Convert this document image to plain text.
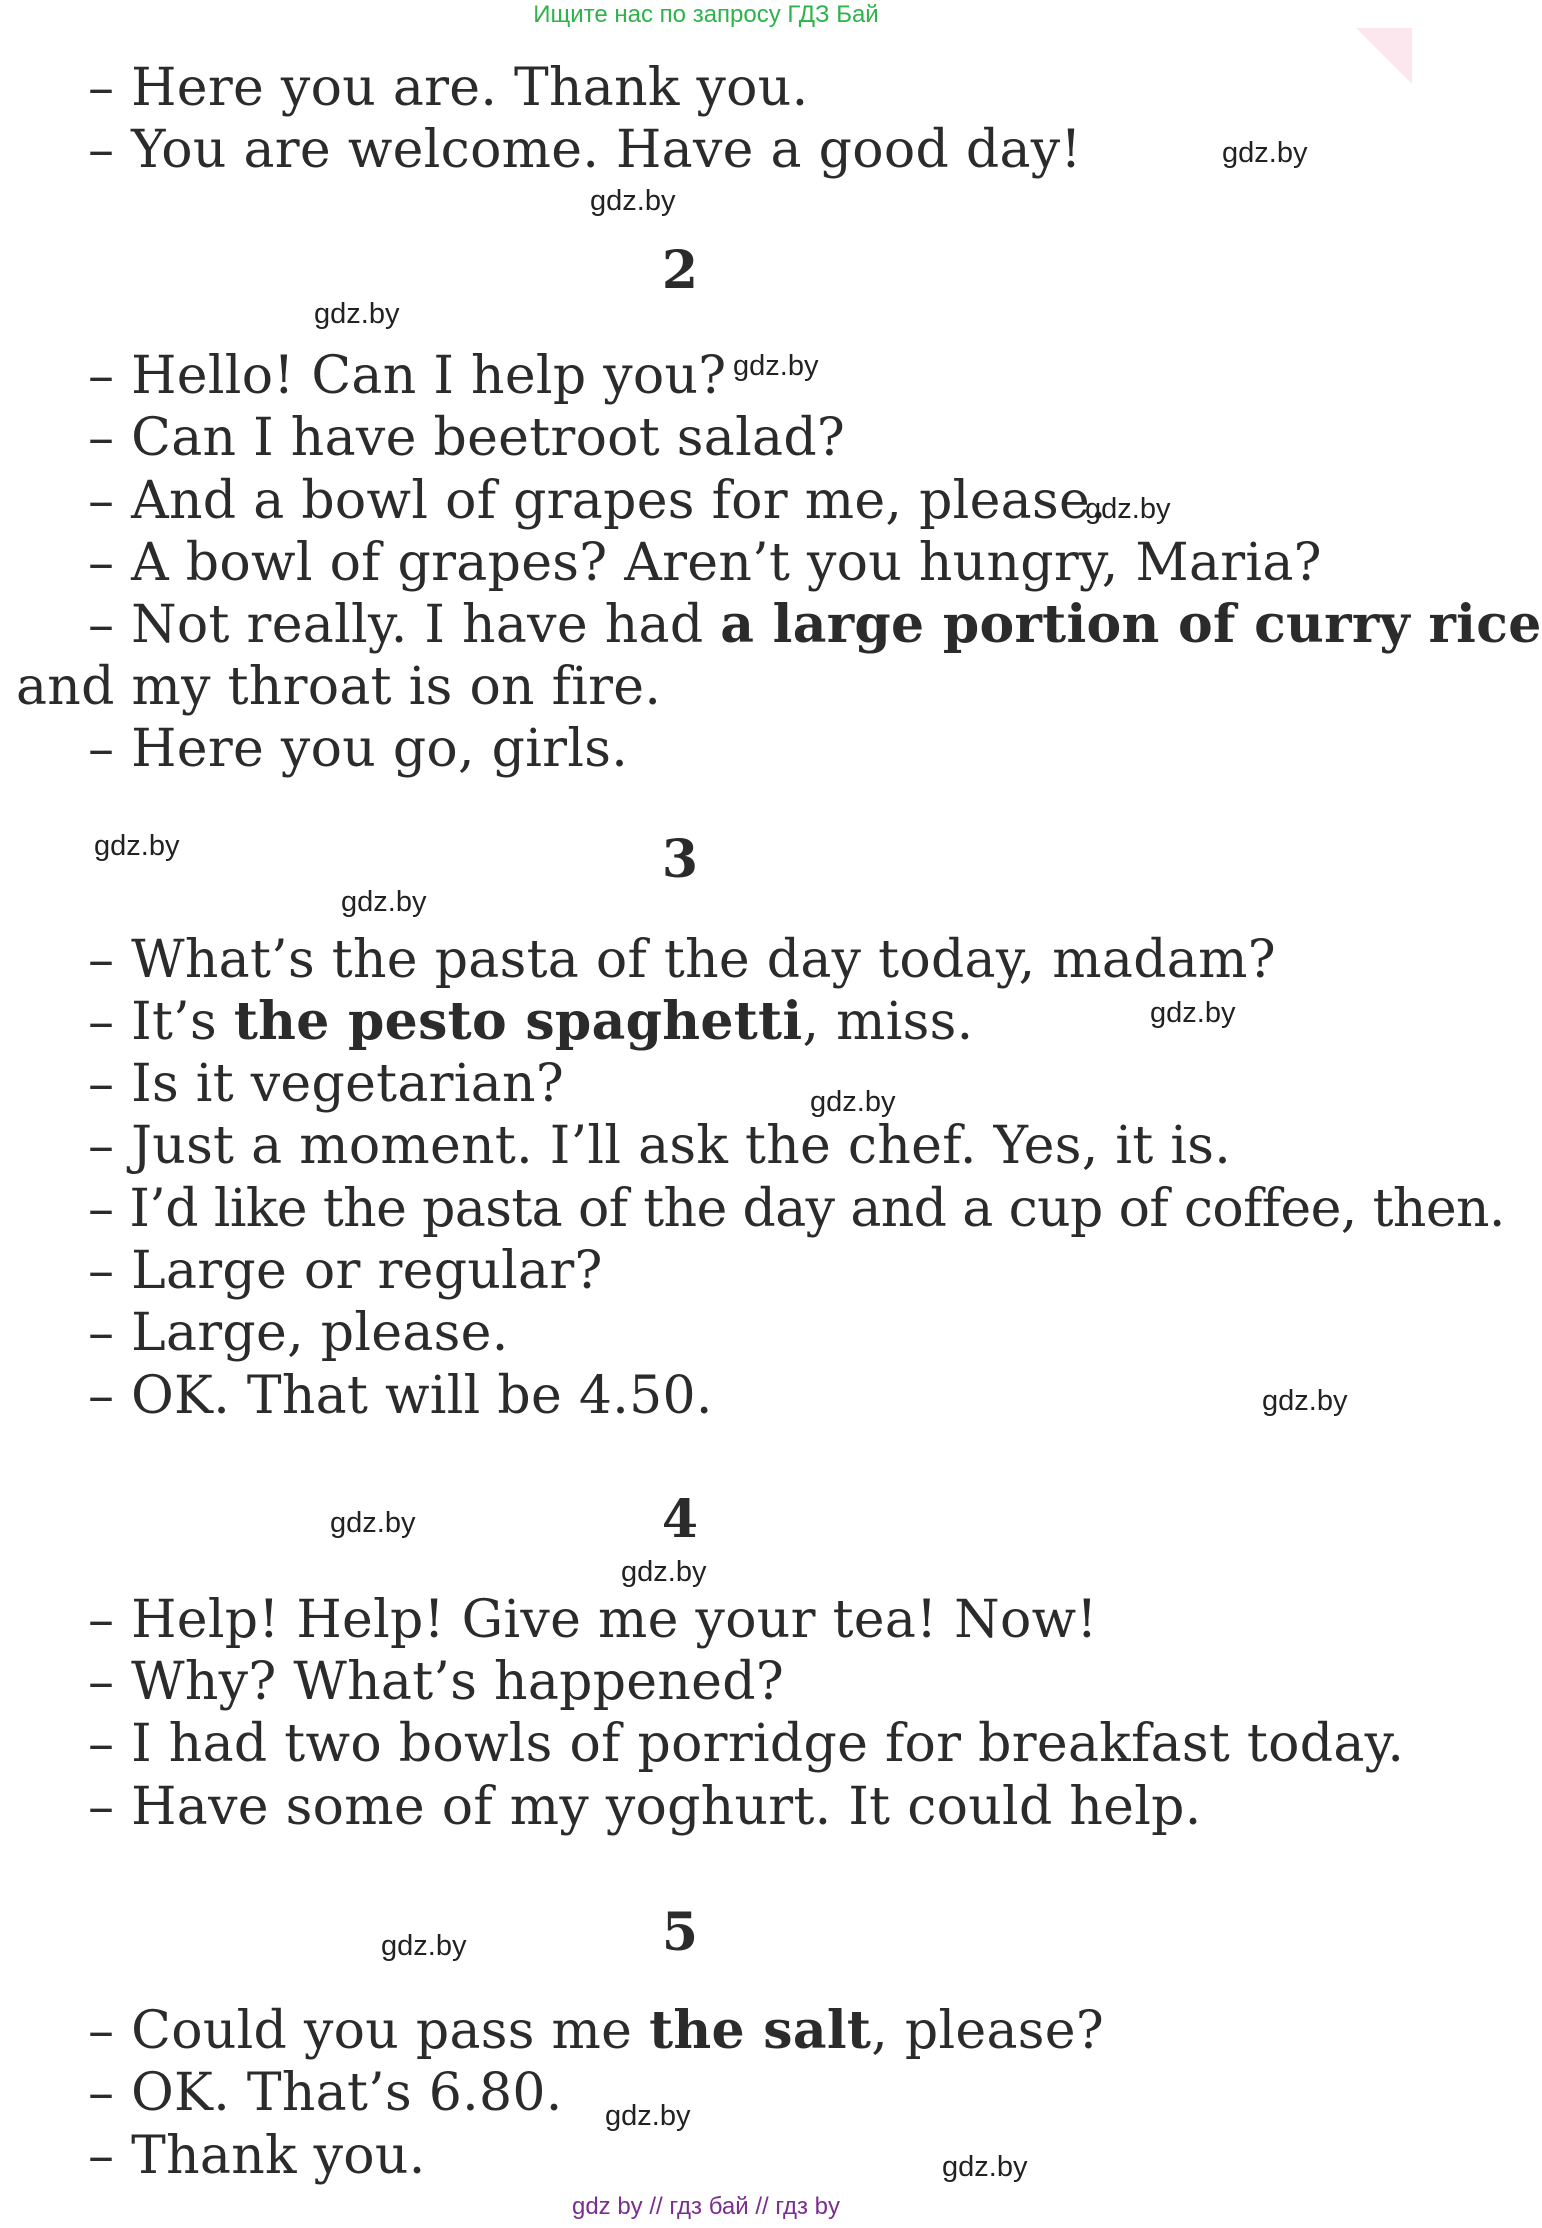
Ищите нас по запросу ГДЗ Бай
– Here you are. Thank you.
– You are welcome. Have a good day!
2
– Hello! Can I help you?
– Can I have beetroot salad?
– And a bowl of grapes for me, please.
– A bowl of grapes? Aren’t you hungry, Maria?
– Not really. I have had a large portion of curry rice
and my throat is on fire.
– Here you go, girls.
3
– What’s the pasta of the day today, madam?
– It’s the pesto spaghetti, miss.
– Is it vegetarian?
– Just a moment. I’ll ask the chef. Yes, it is.
– I’d like the pasta of the day and a cup of coffee, then.
– Large or regular?
– Large, please.
– OK. That will be 4.50.
4
– Help! Help! Give me your tea! Now!
– Why? What’s happened?
– I had two bowls of porridge for breakfast today.
– Have some of my yoghurt. It could help.
5
– Could you pass me the salt, please?
– OK. That’s 6.80.
– Thank you.
gdz.by
gdz.by
gdz.by
gdz.by
gdz.by
gdz.by
gdz.by
gdz.by
gdz.by
gdz.by
gdz.by
gdz.by
gdz.by
gdz.by
gdz.by
gdz by // гдз бай // гдз by
